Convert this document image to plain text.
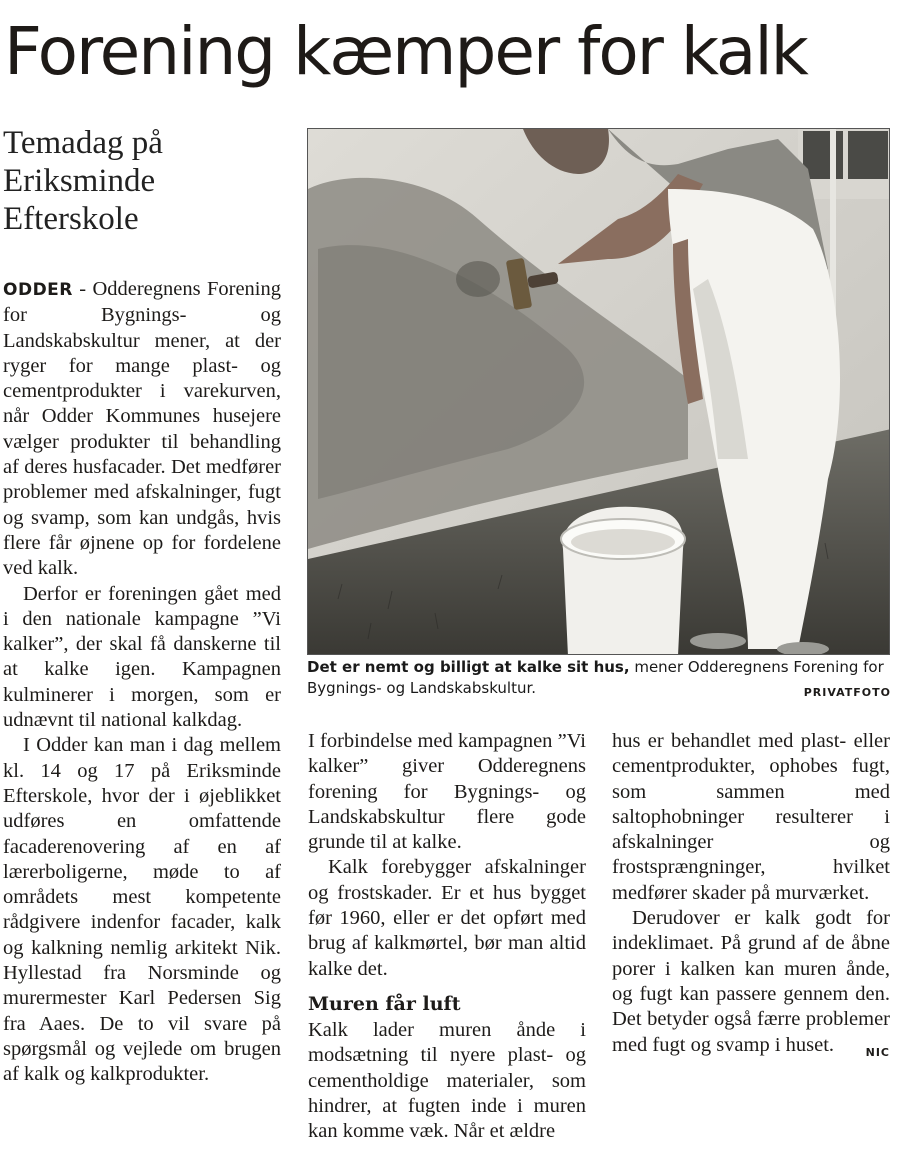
Forening kæmper for kalk
Temadag på
Eriksminde
Efterskole

ODDER - Odderegnens Forening for Bygnings- og Landskabskultur mener, at der ryger for mange plast- og cementprodukter i varekurven, når Odder Kommunes husejere vælger produkter til behandling af deres husfacader. Det medfører problemer med afskalninger, fugt og svamp, som kan undgås, hvis flere får øjnene op for fordelene ved kalk.

Derfor er foreningen gået med i den nationale kampagne ”Vi kalker”, der skal få danskerne til at kalke igen. Kampagnen kulminerer i morgen, som er udnævnt til national kalkdag.

I Odder kan man i dag mellem kl. 14 og 17 på Eriksminde Efterskole, hvor der i øjeblikket udføres en omfattende facaderenovering af en af lærerboligerne, møde to af områdets mest kompetente rådgivere indenfor facader, kalk og kalkning nemlig arkitekt Nik. Hyllestad fra Norsminde og murermester Karl Pedersen Sig fra Aaes. De to vil svare på spørgsmål og vejlede om brugen af kalk og kalkprodukter.

Det er nemt og billigt at kalke sit hus, mener Odderegnens Forening for Bygnings- og Landskabskultur.	PRIVATFOTO

I forbindelse med kampagnen ”Vi kalker” giver Odderegnens forening for Bygnings- og Landskabskultur flere gode grunde til at kalke.

Kalk forebygger afskalninger og frostskader. Er et hus bygget før 1960, eller er det opført med brug af kalkmørtel, bør man altid kalke det.

Muren får luft

Kalk lader muren ånde i modsætning til nyere plast- og cementholdige materialer, som hindrer, at fugten inde i muren kan komme væk. Når et ældre

hus er behandlet med plast- eller cementprodukter, ophobes fugt, som sammen med saltophobninger resulterer i afskalninger og frostsprængninger, hvilket medfører skader på murværket.

Derudover er kalk godt for indeklimaet. På grund af de åbne porer i kalken kan muren ånde, og fugt kan passere gennem den. Det betyder også færre problemer med fugt og svamp i huset.	NIC
